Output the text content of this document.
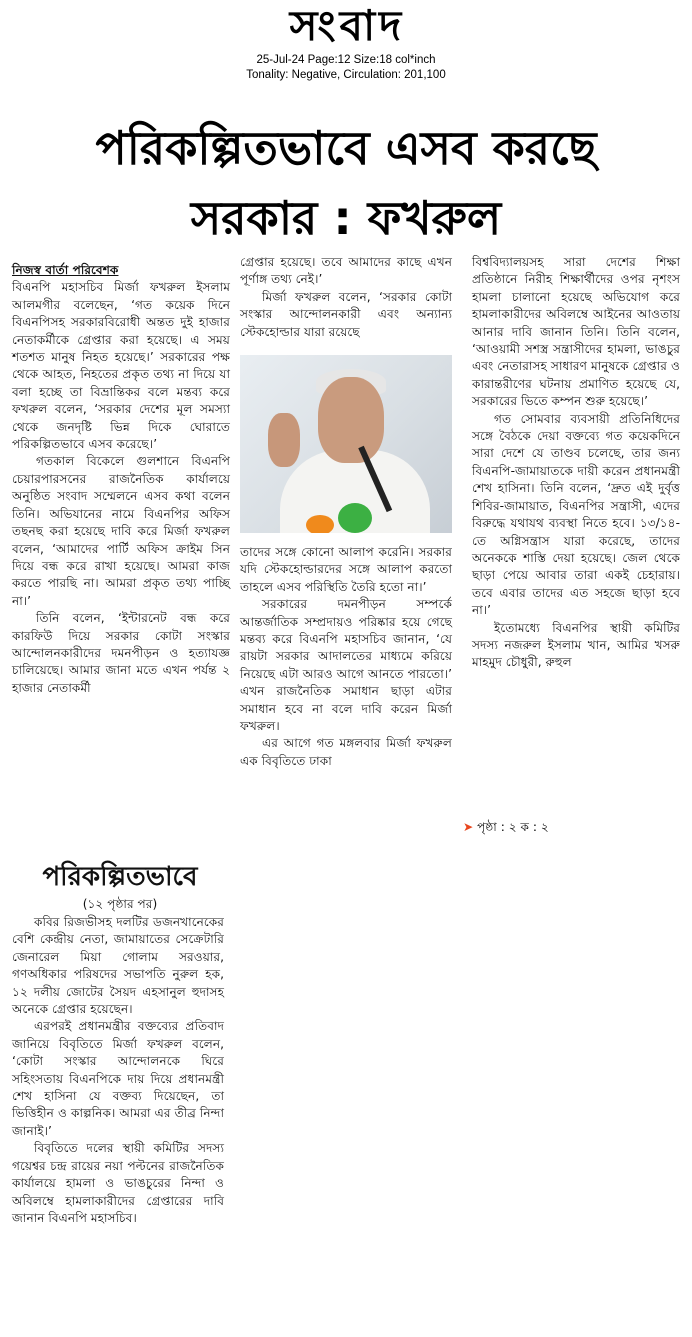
সংবাদ
25-Jul-24 Page:12 Size:18 col*inch
Tonality: Negative, Circulation: 201,100
পরিকল্পিতভাবে এসব করছে
সরকার : ফখরুল

নিজস্ব বার্তা পরিবেশক

বিএনপি মহাসচিব মির্জা ফখরুল ইসলাম আলমগীর বলেছেন, ‘গত কয়েক দিনে বিএনপিসহ সরকারবিরোধী অন্তত দুই হাজার নেতাকর্মীকে গ্রেপ্তার করা হয়েছে। এ সময় শতশত মানুষ নিহত হয়েছে।’ সরকারের পক্ষ থেকে আহত, নিহতের প্রকৃত তথ্য না দিয়ে যা বলা হচ্ছে তা বিভ্রান্তিকর বলে মন্তব্য করে ফখরুল বলেন, ‘সরকার দেশের মূল সমস্যা থেকে জনদৃষ্টি ভিন্ন দিকে ঘোরাতে পরিকল্পিতভাবে এসব করেছে।’

গতকাল বিকেলে গুলশানে বিএনপি চেয়ারপারসনের রাজনৈতিক কার্যালয়ে অনুষ্ঠিত সংবাদ সম্মেলনে এসব কথা বলেন তিনি। অভিযানের নামে বিএনপির অফিস তছনছ করা হয়েছে দাবি করে মির্জা ফখরুল বলেন, ‘আমাদের পার্টি অফিস ক্রাইম সিন দিয়ে বন্ধ করে রাখা হয়েছে। আমরা কাজ করতে পারছি না। আমরা প্রকৃত তথ্য পাচ্ছি না।’

তিনি বলেন, ‘ইন্টারনেট বন্ধ করে কারফিউ দিয়ে সরকার কোটা সংস্কার আন্দোলনকারীদের দমনপীড়ন ও হত্যাযজ্ঞ চালিয়েছে। আমার জানা মতে এখন পর্যন্ত ২ হাজার নেতাকর্মী

গ্রেপ্তার হয়েছে। তবে আমাদের কাছে এখন পূর্ণাঙ্গ তথ্য নেই।’

মির্জা ফখরুল বলেন, ‘সরকার কোটা সংস্কার আন্দোলনকারী এবং অন্যান্য স্টেকহোল্ডার যারা রয়েছে

তাদের সঙ্গে কোনো আলাপ করেনি। সরকার যদি স্টেকহোল্ডারদের সঙ্গে আলাপ করতো তাহলে এসব পরিস্থিতি তৈরি হতো না।’

সরকারের দমনপীড়ন সম্পর্কে আন্তর্জাতিক সম্প্রদায়ও পরিষ্কার হয়ে গেছে মন্তব্য করে বিএনপি মহাসচিব জানান, ‘যে রায়টা সরকার আদালতের মাধ্যমে করিয়ে নিয়েছে এটা আরও আগে আনতে পারতো।’ এখন রাজনৈতিক সমাধান ছাড়া এটার সমাধান হবে না বলে দাবি করেন মির্জা ফখরুল।

এর আগে গত মঙ্গলবার মির্জা ফখরুল এক বিবৃতিতে ঢাকা

বিশ্ববিদ্যালয়সহ সারা দেশের শিক্ষা প্রতিষ্ঠানে নিরীহ শিক্ষার্থীদের ওপর নৃশংস হামলা চালানো হয়েছে অভিযোগ করে হামলাকারীদের অবিলম্বে আইনের আওতায় আনার দাবি জানান তিনি। তিনি বলেন, ‘আওয়ামী সশস্ত্র সন্ত্রাসীদের হামলা, ভাঙচুর এবং নেতারাসহ সাধারণ মানুষকে গ্রেপ্তার ও কারান্তরীণের ঘটনায় প্রমাণিত হয়েছে যে, সরকারের ভিতে কম্পন শুরু হয়েছে।’

গত সোমবার ব্যবসায়ী প্রতিনিধিদের সঙ্গে বৈঠকে দেয়া বক্তব্যে গত কয়েকদিনে সারা দেশে যে তাণ্ডব চলেছে, তার জন্য বিএনপি-জামায়াতকে দায়ী করেন প্রধানমন্ত্রী শেখ হাসিনা। তিনি বলেন, ‘দ্রুত এই দুর্বৃত্ত শিবির-জামায়াত, বিএনপির সন্ত্রাসী, এদের বিরুদ্ধে যথাযথ ব্যবস্থা নিতে হবে। ১৩/১৪-তে অগ্নিসন্ত্রাস যারা করেছে, তাদের অনেককে শাস্তি দেয়া হয়েছে। জেল থেকে ছাড়া পেয়ে আবার তারা একই চেহারায়। তবে এবার তাদের এত সহজে ছাড়া হবে না।’

ইতোমধ্যে বিএনপির স্থায়ী কমিটির সদস্য নজরুল ইসলাম খান, আমির খসরু মাহমুদ চৌধুরী, রুহুল

➤ পৃষ্ঠা : ২ ক : ২
পরিকল্পিতভাবে
(১২ পৃষ্ঠার পর)

কবির রিজভীসহ দলটির ডজনখানেকের বেশি কেন্দ্রীয় নেতা, জামায়াতের সেক্রেটারি জেনারেল মিয়া গোলাম সরওয়ার, গণঅধিকার পরিষদের সভাপতি নুরুল হক, ১২ দলীয় জোটের সৈয়দ এহসানুল হুদাসহ অনেকে গ্রেপ্তার হয়েছেন।

এরপরই প্রধানমন্ত্রীর বক্তব্যের প্রতিবাদ জানিয়ে বিবৃতিতে মির্জা ফখরুল বলেন, ‘কোটা সংস্কার আন্দোলনকে ঘিরে সহিংসতায় বিএনপিকে দায় দিয়ে প্রধানমন্ত্রী শেখ হাসিনা যে বক্তব্য দিয়েছেন, তা ভিত্তিহীন ও কাল্পনিক। আমরা এর তীব্র নিন্দা জানাই।’

বিবৃতিতে দলের স্থায়ী কমিটির সদস্য গয়েশ্বর চন্দ্র রায়ের নয়া পল্টনের রাজনৈতিক কার্যালয়ে হামলা ও ভাঙচুরের নিন্দা ও অবিলম্বে হামলাকারীদের গ্রেপ্তারের দাবি জানান বিএনপি মহাসচিব।
